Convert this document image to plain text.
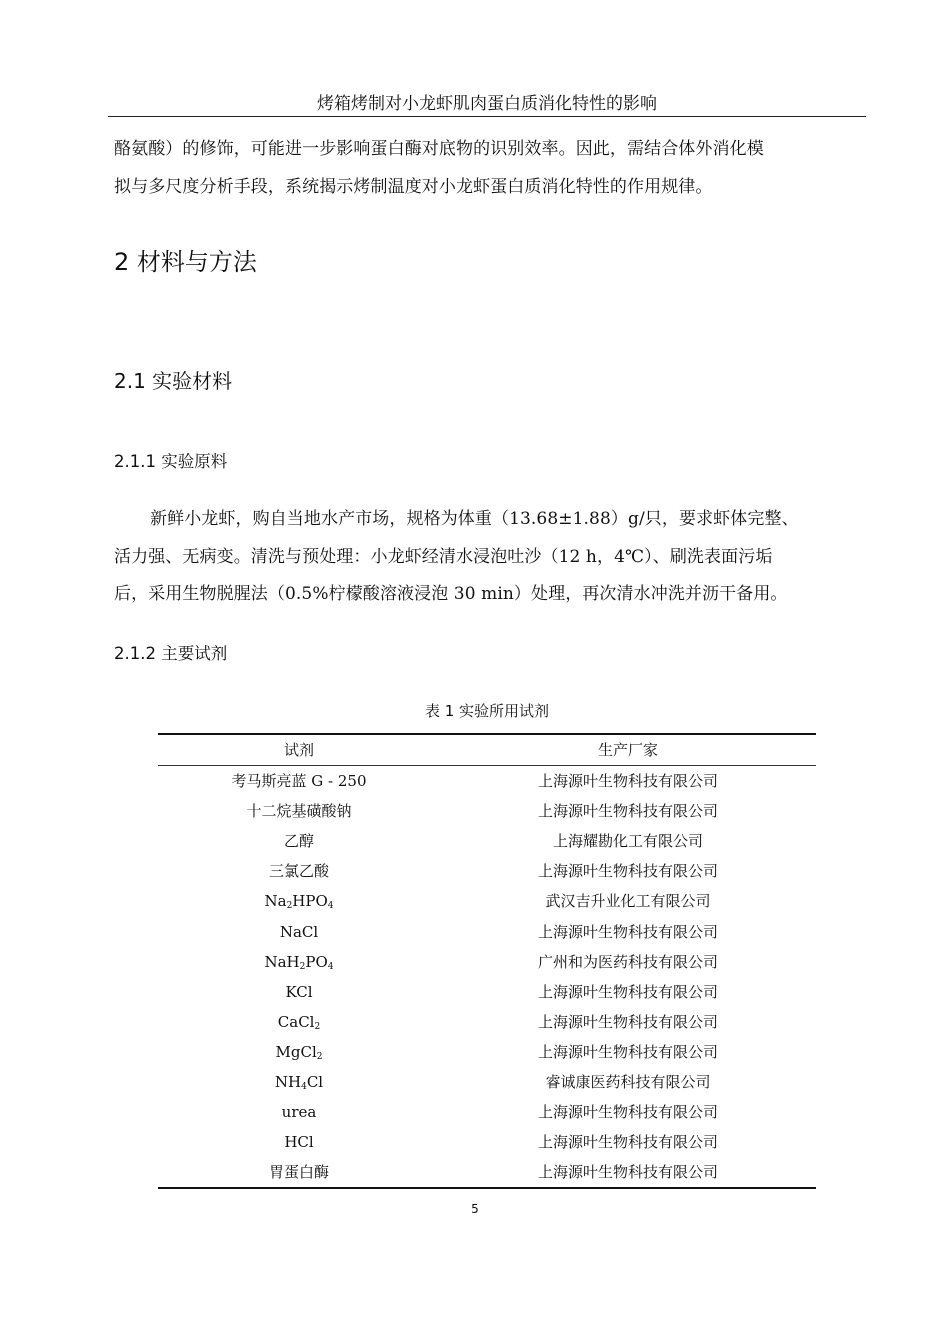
烤箱烤制对小龙虾肌肉蛋白质消化特性的影响

酪氨酸）的修饰，可能进一步影响蛋白酶对底物的识别效率。因此，需结合体外消化模
拟与多尺度分析手段，系统揭示烤制温度对小龙虾蛋白质消化特性的作用规律。

2 材料与方法
2.1 实验材料
2.1.1 实验原料

新鲜小龙虾，购自当地水产市场，规格为体重（13.68±1.88）g/只，要求虾体完整、
活力强、无病变。清洗与预处理：小龙虾经清水浸泡吐沙（12 h，4℃）、刷洗表面污垢
后，采用生物脱腥法（0.5%柠檬酸溶液浸泡 30 min）处理，再次清水冲洗并沥干备用。

2.1.2 主要试剂
表 1 实验所用试剂
试剂	生产厂家
考马斯亮蓝 G - 250	上海源叶生物科技有限公司
十二烷基磺酸钠	上海源叶生物科技有限公司
乙醇	上海耀勘化工有限公司
三氯乙酸	上海源叶生物科技有限公司
$Na_2HPO_4$	武汉吉升业化工有限公司
NaCl	上海源叶生物科技有限公司
$NaH_2PO_4$	广州和为医药科技有限公司
KCl	上海源叶生物科技有限公司
CaCl$_2$	上海源叶生物科技有限公司
MgCl$_2$	上海源叶生物科技有限公司
$NH_4Cl$	睿诚康医药科技有限公司
urea	上海源叶生物科技有限公司
HCl	上海源叶生物科技有限公司
胃蛋白酶	上海源叶生物科技有限公司
5
